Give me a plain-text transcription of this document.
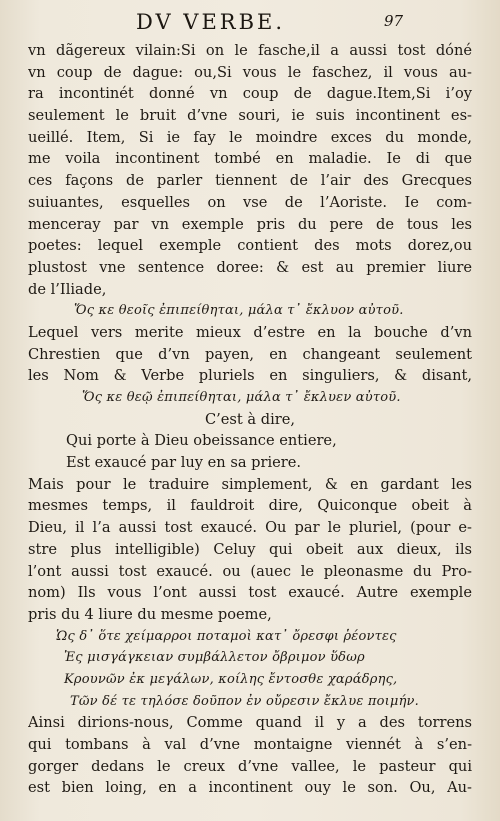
DV VERBE.	97
vn dãgereux vilain:Si on le fasche,il a aussi tost dóné
vn coup de dague: ou,Si vous le faschez, il vous au-
ra incontinét donné vn coup de dague.Item,Si i’oy
seulement le bruit d’vne souri, ie suis incontinent es-
ueillé. Item, Si ie fay le moindre exces du monde,
me voila incontinent tombé en maladie. Ie di que
ces façons de parler tiennent de l’air des Grecques
suiuantes, esquelles on vse de l’Aoriste. Ie com-
menceray par vn exemple pris du pere de tous les
poetes: lequel exemple contient des mots dorez,ou
plustost vne sentence doree: & est au premier liure
de l’Iliade,
Ὅς κε θεοῖς ἐπιπείθηται, μάλα τ᾿ ἔκλυον αὐτοῦ.
Lequel vers merite mieux d’estre en la bouche d’vn
Chrestien que d’vn payen, en changeant seulement
les Nom & Verbe pluriels en singuliers, & disant,
Ὅς κε θεῷ ἐπιπείθηται, μάλα τ᾿ ἔκλυεν αὐτοῦ.
C’est à dire,
Qui porte à Dieu obeissance entiere,
Est exaucé par luy en sa priere.
Mais pour le traduire simplement, & en gardant les
mesmes temps, il fauldroit dire, Quiconque obeit à
Dieu, il l’a aussi tost exaucé. Ou par le pluriel, (pour e-
stre plus intelligible) Celuy qui obeit aux dieux, ils
l’ont aussi tost exaucé. ou (auec le pleonasme du Pro-
nom) Ils vous l’ont aussi tost exaucé. Autre exemple
pris du 4 liure du mesme poeme,
Ὡς δ᾿ ὅτε χείμαρροι ποταμοὶ κατ᾿ ὄρεσφι ῥέοντες
Ἐς μισγάγκειαν συμβάλλετον ὄβριμον ὕδωρ
Κρουνῶν ἐκ μεγάλων, κοίλης ἔντοσθε χαράδρης,
Τῶν δέ τε τηλόσε δοῦπον ἐν οὔρεσιν ἔκλυε ποιμήν.
Ainsi dirions-nous, Comme quand il y a des torrens
qui tombans à val d’vne montaigne viennét à s’en-
gorger dedans le creux d’vne vallee, le pasteur qui
est bien loing, en a incontinent ouy le son. Ou, Au-
